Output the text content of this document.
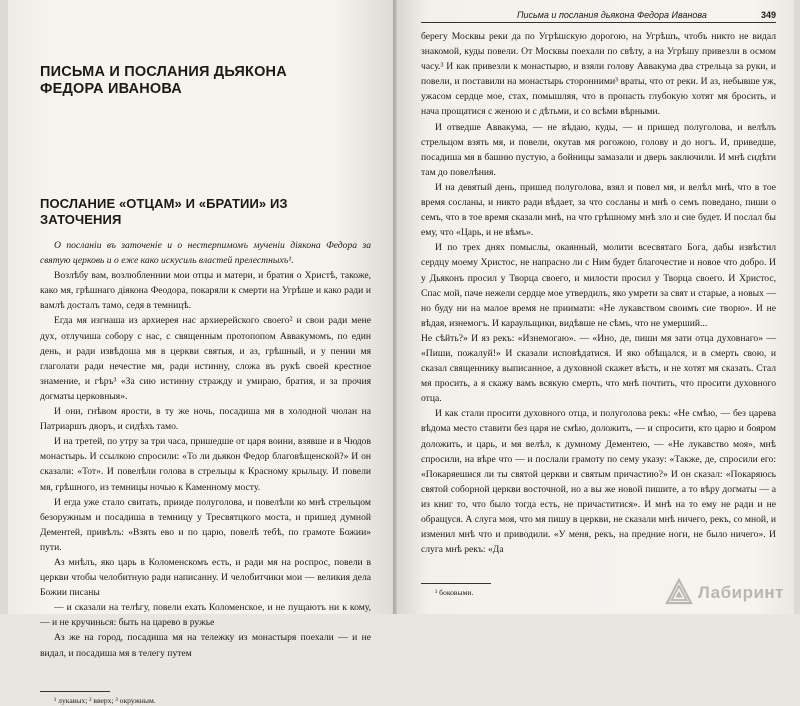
ПИСЬМА И ПОСЛАНИЯ ДЬЯКОНА
ФЕДОРА ИВАНОВА
ПОСЛАНИЕ «ОТЦАМ» И «БРАТИИ» ИЗ ЗАТОЧЕНИЯ

О посланiи въ заточенiе и о нестерпимомъ мученiи дiякона Федора за святую церковь и о еже како искусиль властей прелестныхъ¹.

Возлѣбу вам, возлюбленнии мои отцы и матери, и братия о Христѣ, такоже, како мя, грѣшнаго дiякона Феодора, покаряли к смерти на Угрѣше и како ради и вамлѣ досталъ тамо, седя в темницѣ.

Егда мя изгнаша из архиерея нас архиерейского своего² и свои ради мене дух, отлучиша собору с нас, с священным протопопом Аввакумомъ, по един день, и ради извѣдоша мя в церкви святыя, и аз, грѣшный, и у пении мя глаголати ради нечестие мя, ради истинну, сложа въ рукѣ своей крестное знамение, и гѣръ³ «За сию истинну стражду и умираю, братия, и за прочия догматы церковныя».

И они, гнѣвом ярости, в ту же ночь, посадиша мя в холодной чюлан на Патриаршъ дворъ, и сидѣхъ тамо.

И на третей, по утру за три часа, пришедше от царя воини, взявше и в Чюдов монастырь. И ссылкою спросили: «То ли дьякон Федор благовѣщенской?» И он сказали: «Тот». И повелѣли голова в стрельцы к Красному крыльцу. И повели мя, грѣшного, из темницы ночью к Каменному мосту.

И егда уже стало свитать, прииде полуголова, и повелѣли ко мнѣ стрельцом безоружным и посадиша в темницу у Тресвятцкого моста, и пришед думной Дементей, привѣлъ: «Взять ево и по царю, повелѣ тебѣ, по грамоте Божии» пути.

Аз мнѣлъ, яко царь в Коломенскомъ есть, и ради мя на роспрос, повели в церкви чтобы челобитную ради написанну. И челобитчики мои — великия дела Божии писаны

— и сказали на телѣгу, повели ехать Коломенское, и не пущаютъ ни к кому, — и не кручинься: быть на царево в ружье

Аз же на город, посадиша мя на тележку из монастыря поехали — и не видал, и посадиша мя в телегу путем

¹ лукавых; ² вверх; ³ окружным.

Письма и послания дьякона Федора Иванова	349

берегу Москвы реки да по Угрѣшскую дорогою, на Угрѣшъ, чтобъ никто не видал знакомой, куды повели. От Москвы поехали по свѣту, а на Угрѣшу привезли в осмом часу.³ И как привезли к монастырю, и взяли голову Аввакума два стрельца за руки, и повели, и поставили на монастырь сторонними³ враты, что от реки. И аз, небывше уж, ужасом сердце мое, стах, помышляя, что в пропасть глубокую хотят мя бросить, и нача прощатися с женою и с дѣтьми, и со всѣми вѣрными.

И отведше Аввакума, — не вѣдаю, куды, — и пришед полуголова, и велѣлъ стрельцом взять мя, и повели, окутав мя рогожою, голову и до ногъ. И, приведше, посадиша мя в башню пустую, а бойницы замазали и дверь заключили. И мнѣ сидѣти там до повелѣния.

И на девятый день, пришед полуголова, взял и повел мя, и велѣл мнѣ, что в тое время сосланы, и никто ради вѣдает, за что сосланы и мнѣ о семъ поведано, пиши о семъ, что в тое время сказали мнѣ, на что грѣшному мнѣ зло и сие будет. И послал бы ему, что «Царь, и не вѣмъ».

И по трех днях помыслы, окаянный, молити всесвятаго Бога, дабы извѣстил сердцу моему Христос, не напрасно ли с Ним будет благочестие и новое что добро. И у Дьяконъ просил у Творца своего, и милости просил у Творца своего. И Христос, Спас мой, паче нежели сердце мое утвердилъ, яко умрети за свят и старые, а новых — но буду ни на малое время не приимати: «Не лукавством своимъ сие творю». И не вѣдая, изнемогъ. И караульщики, видѣвше не сѣмъ, что не умерший...

Не сѣйть?» И яз рекъ: «Изнемогаю». — «Ино, де, пиши мя зати отца духовнаго» — «Пиши, пожалуй!» И сказали исповѣдатися. И яко обѣщался, и в смерть свою, и сказал священнику выписанное, а духовной скажет вѣсть, и не хотят мя сказать. Стал мя просить, а я скажу вамъ всякую смерть, что мнѣ почтить, что просити духовного отца.

И как стали просити духовного отца, и полуголова рекъ: «Не смѣю, — без царева вѣдома место ставити без царя не смѣю, доложить, — и спросити, кто царю и бояром доложить, и царь, и мя велѣл, к думному Дементею, — «Не лукавство моя», мнѣ спросили, на вѣре что — и послали грамоту по сему указу: «Также, де, спросили его: «Покаряешися ли ты святой церкви и святым причастию?» И он сказал: «Покаряюсь святой соборной церкви восточной, но а вы же новой пишите, а то вѣру догматы — а из книг то, что было тогда есть, не причаститися». И мнѣ на то ему не ради и не обращуся. А слуга моя, что мя пишу в церкви, не сказали мнѣ ничего, рекъ, со мной, и изменил мнѣ что и приводили. «У меня, рекъ, на предние ноги, не было ничего». И слуга мнѣ рекъ: «Да

¹ боковыми.	Лабиринт
